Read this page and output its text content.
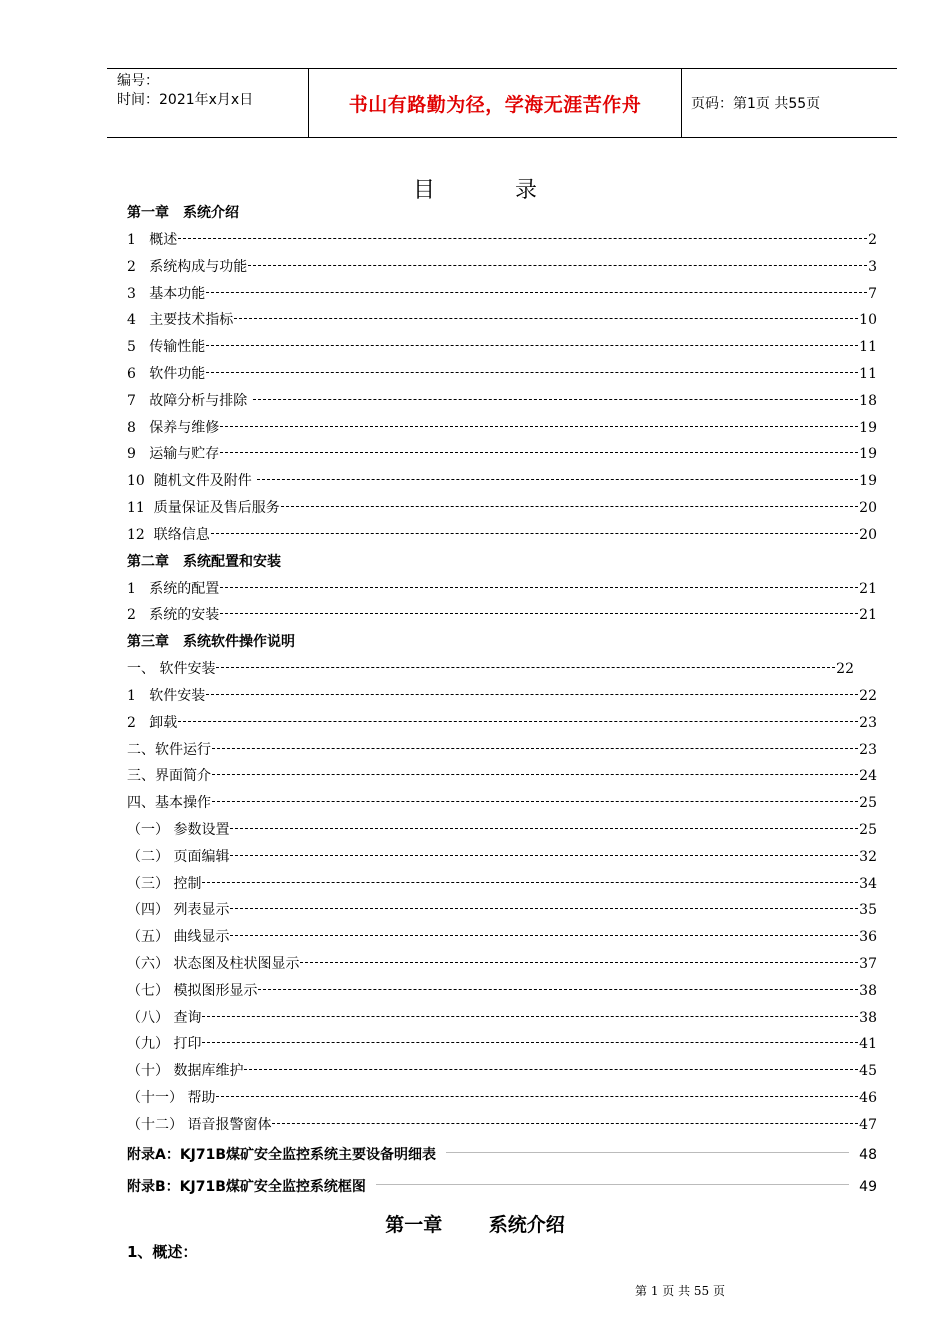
编号：
时间：2021年x月x日	书山有路勤为径，学海无涯苦作舟	页码：第1页 共55页
目录
第一章　系统介绍
1   概述	2
2   系统构成与功能	3
3   基本功能	7
4   主要技术指标	10
5   传输性能	11
6   软件功能	11
7   故障分析与排除	18
8   保养与维修	19
9   运输与贮存	19
10  随机文件及附件	19
11  质量保证及售后服务	20
12  联络信息	20
第二章　系统配置和安装
1   系统的配置	21
2   系统的安装	21
第三章　系统软件操作说明
一、 软件安装	22
1   软件安装	22
2   卸载	23
二、软件运行	23
三、界面简介	24
四、基本操作	25
（一） 参数设置	25
（二） 页面编辑	32
（三） 控制	34
（四） 列表显示	35
（五） 曲线显示	36
（六） 状态图及柱状图显示	37
（七） 模拟图形显示	38
（八） 查询	38
（九） 打印	41
（十） 数据库维护	45
（十一） 帮助	46
（十二） 语音报警窗体	47
附录A：KJ71B煤矿安全监控系统主要设备明细表	48
附录B：KJ71B煤矿安全监控系统框图	49
第一章 系统介绍
1、概述：
第 1 页 共 55 页
